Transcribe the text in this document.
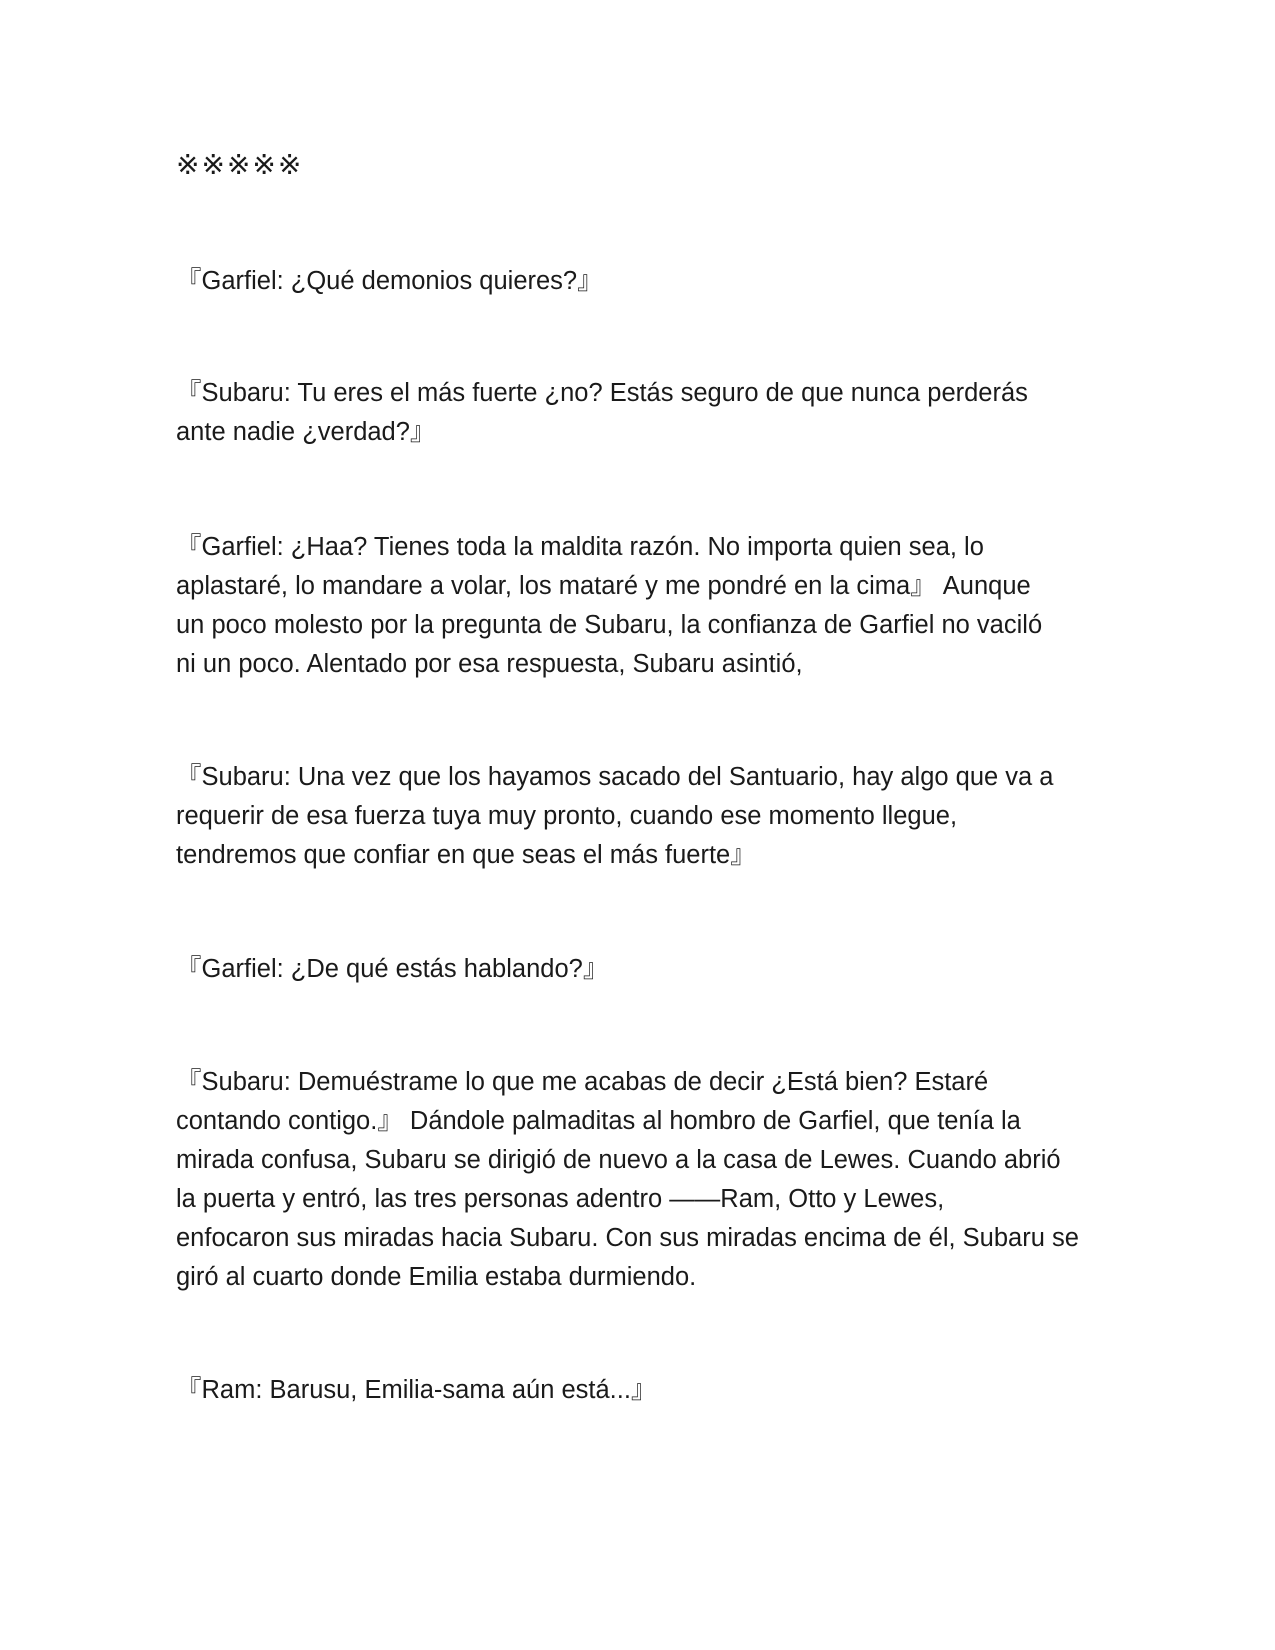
※※※※※

『Garfiel: ¿Qué demonios quieres?』

『Subaru: Tu eres el más fuerte ¿no? Estás seguro de que nunca perderás
ante nadie ¿verdad?』

『Garfiel: ¿Haa? Tienes toda la maldita razón. No importa quien sea, lo
aplastaré, lo mandare a volar, los mataré y me pondré en la cima』 Aunque
un poco molesto por la pregunta de Subaru, la confianza de Garfiel no vaciló
ni un poco. Alentado por esa respuesta, Subaru asintió,

『Subaru: Una vez que los hayamos sacado del Santuario, hay algo que va a
requerir de esa fuerza tuya muy pronto, cuando ese momento llegue,
tendremos que confiar en que seas el más fuerte』

『Garfiel: ¿De qué estás hablando?』

『Subaru: Demuéstrame lo que me acabas de decir ¿Está bien? Estaré
contando contigo.』 Dándole palmaditas al hombro de Garfiel, que tenía la
mirada confusa, Subaru se dirigió de nuevo a la casa de Lewes. Cuando abrió
la puerta y entró, las tres personas adentro ——Ram, Otto y Lewes,
enfocaron sus miradas hacia Subaru. Con sus miradas encima de él, Subaru se
giró al cuarto donde Emilia estaba durmiendo.

『Ram: Barusu, Emilia-sama aún está...』
